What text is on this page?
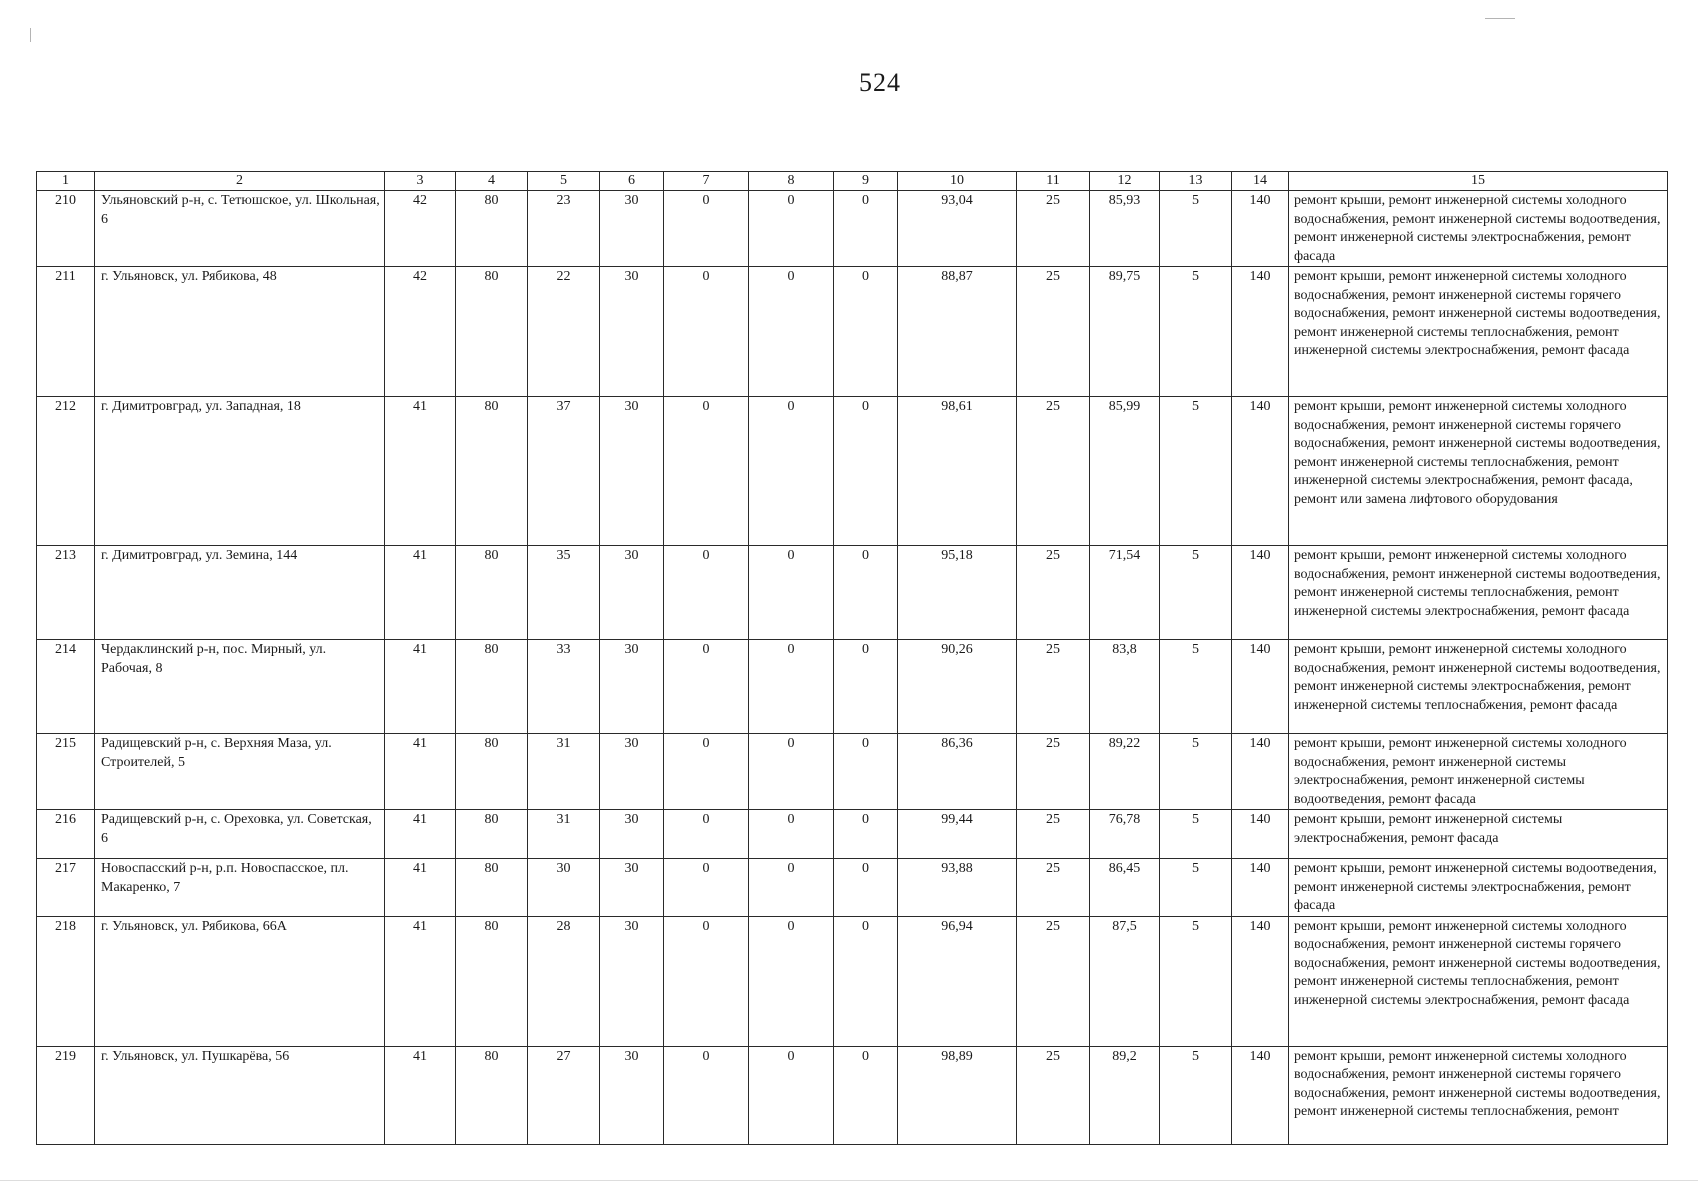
524
1	2	3	4	5	6	7	8	9	10	11	12	13	14	15
210	Ульяновский р-н, с. Тетюшское, ул. Школьная, 6	42	80	23	30	0	0	0	93,04	25	85,93	5	140	ремонт крыши, ремонт инженерной системы холодного водоснабжения, ремонт инженерной системы водоотведения, ремонт инженерной системы электроснабжения, ремонт фасада
211	г. Ульяновск, ул. Рябикова, 48	42	80	22	30	0	0	0	88,87	25	89,75	5	140	ремонт крыши, ремонт инженерной системы холодного водоснабжения, ремонт инженерной системы горячего водоснабжения, ремонт инженерной системы водоотведения, ремонт инженерной системы теплоснабжения, ремонт инженерной системы электроснабжения, ремонт фасада
212	г. Димитровград, ул. Западная, 18	41	80	37	30	0	0	0	98,61	25	85,99	5	140	ремонт крыши, ремонт инженерной системы холодного водоснабжения, ремонт инженерной системы горячего водоснабжения, ремонт инженерной системы водоотведения, ремонт инженерной системы теплоснабжения, ремонт инженерной системы электроснабжения, ремонт фасада, ремонт или замена лифтового оборудования
213	г. Димитровград, ул. Земина, 144	41	80	35	30	0	0	0	95,18	25	71,54	5	140	ремонт крыши, ремонт инженерной системы холодного водоснабжения, ремонт инженерной системы водоотведения, ремонт инженерной системы теплоснабжения, ремонт инженерной системы электроснабжения, ремонт фасада
214	Чердаклинский р-н, пос. Мирный, ул. Рабочая, 8	41	80	33	30	0	0	0	90,26	25	83,8	5	140	ремонт крыши, ремонт инженерной системы холодного водоснабжения, ремонт инженерной системы водоотведения, ремонт инженерной системы электроснабжения, ремонт инженерной системы теплоснабжения, ремонт фасада
215	Радищевский р-н, с. Верхняя Маза, ул. Строителей, 5	41	80	31	30	0	0	0	86,36	25	89,22	5	140	ремонт крыши, ремонт инженерной системы холодного водоснабжения, ремонт инженерной системы электроснабжения, ремонт инженерной системы водоотведения, ремонт фасада
216	Радищевский р-н, с. Ореховка, ул. Советская, 6	41	80	31	30	0	0	0	99,44	25	76,78	5	140	ремонт крыши, ремонт инженерной системы электроснабжения, ремонт фасада
217	Новоспасский р-н, р.п. Новоспасское, пл. Макаренко, 7	41	80	30	30	0	0	0	93,88	25	86,45	5	140	ремонт крыши, ремонт инженерной системы водоотведения, ремонт инженерной системы электроснабжения, ремонт фасада
218	г. Ульяновск, ул. Рябикова, 66А	41	80	28	30	0	0	0	96,94	25	87,5	5	140	ремонт крыши, ремонт инженерной системы холодного водоснабжения, ремонт инженерной системы горячего водоснабжения, ремонт инженерной системы водоотведения, ремонт инженерной системы теплоснабжения, ремонт инженерной системы электроснабжения, ремонт фасада
219	г. Ульяновск, ул. Пушкарёва, 56	41	80	27	30	0	0	0	98,89	25	89,2	5	140	ремонт крыши, ремонт инженерной системы холодного водоснабжения, ремонт инженерной системы горячего водоснабжения, ремонт инженерной системы водоотведения, ремонт инженерной системы теплоснабжения, ремонт
